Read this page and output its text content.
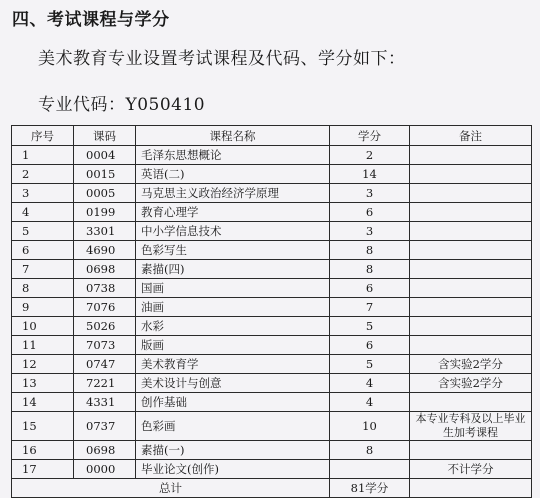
四、考试课程与学分
美术教育专业设置考试课程及代码、学分如下：
专业代码：Y050410
序号	课码	课程名称	学分	备注
1	0004	毛泽东思想概论	2	
2	0015	英语(二)	14	
3	0005	马克思主义政治经济学原理	3	
4	0199	教育心理学	6	
5	3301	中小学信息技术	3	
6	4690	色彩写生	8	
7	0698	素描(四)	8	
8	0738	国画	6	
9	7076	油画	7	
10	5026	水彩	5	
11	7073	版画	6	
12	0747	美术教育学	5	含实验2学分
13	7221	美术设计与创意	4	含实验2学分
14	4331	创作基础	4	
15	0737	色彩画	10	本专业专科及以上毕业生加考课程
16	0698	素描(一)	8	
17	0000	毕业论文(创作)		不计学分
总计			81学分	
